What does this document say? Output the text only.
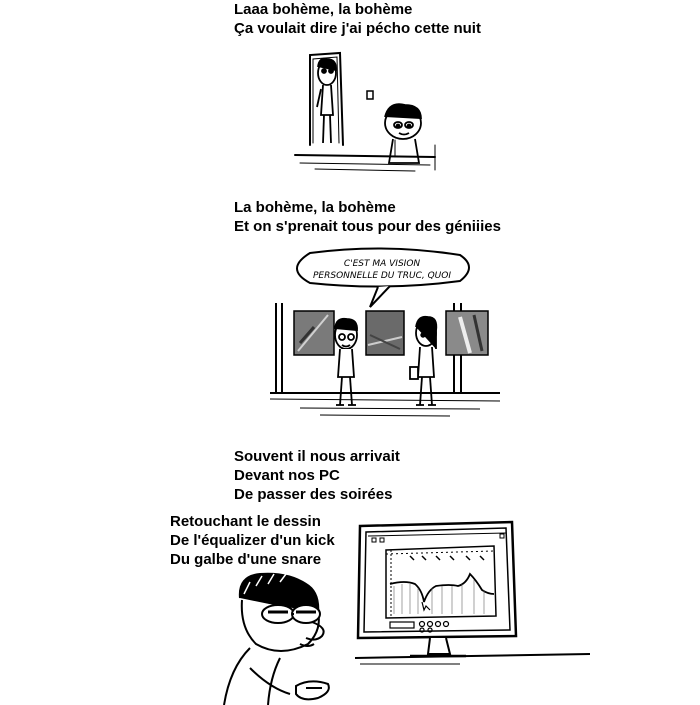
Laaa bohème, la bohème
Ça voulait dire j'ai pécho cette nuit
La bohème, la bohème
Et on s'prenait tous pour des géniiies
C'EST MA VISION
PERSONNELLE DU TRUC, QUOI
Souvent il nous arrivait
Devant nos PC
De passer des soirées
Retouchant le dessin
De l'équalizer d'un kick
Du galbe d'une snare
